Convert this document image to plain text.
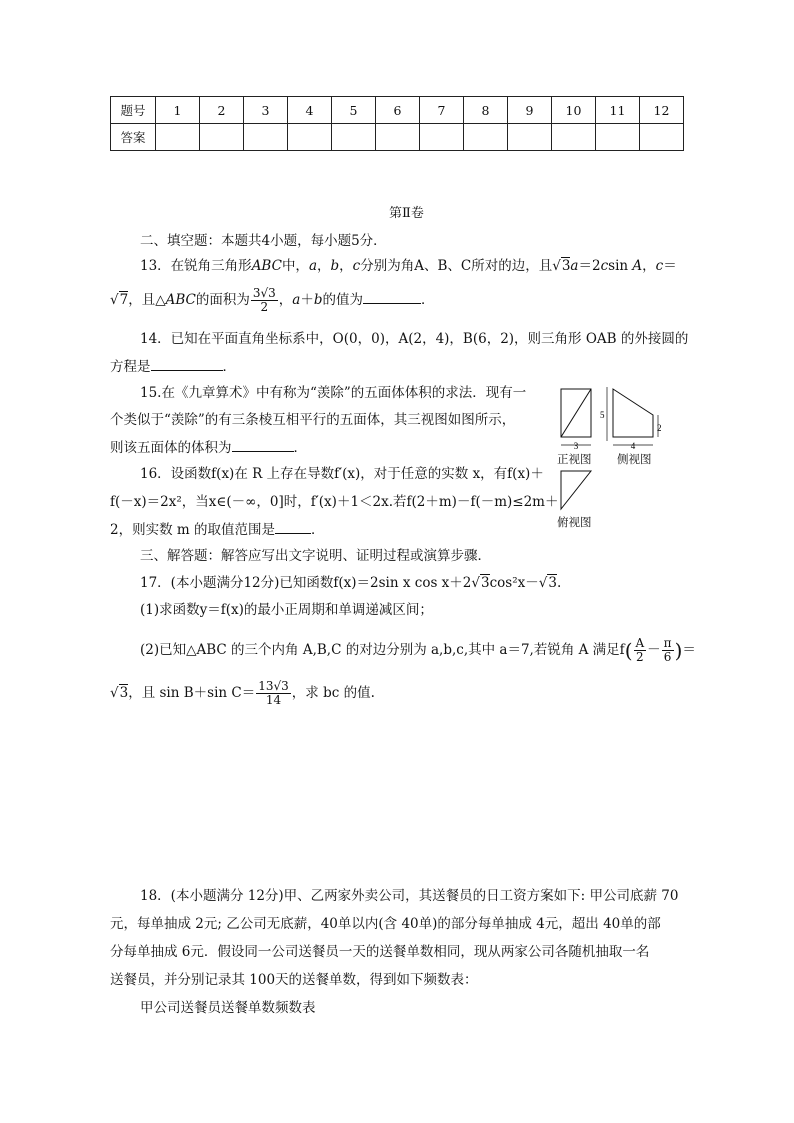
题号	1	2	3	4	5	6	7	8	9	10	11	12
答案												
第Ⅱ卷
二、填空题：本题共4小题，每小题5分．
13．在锐角三角形ABC中，a，b，c分别为角A、B、C所对的边，且√3a＝2csin A，c＝
√7，且△ABC的面积为 $\frac{3√3}{2}$ ，a＋b的值为	．
14．已知在平面直角坐标系中，O(0，0)，A(2，4)，B(6，2)，则三角形 OAB 的外接圆的
方程是	．
15.在《九章算术》中有称为“羡除”的五面体体积的求法．现有一
个类似于“羡除”的有三条棱互相平行的五面体，其三视图如图所示，
则该五面体的体积为	．	3
5
2
4
正视图 侧视图
俯视图
16．设函数f(x)在 R 上存在导数f′(x)，对于任意的实数 x，有f(x)＋
f(－x)＝2x²，当x∈(－∞，0]时，f′(x)＋1＜2x.若f(2＋m)－f(－m)≤2m＋
2，则实数 m 的取值范围是	．
三、解答题：解答应写出文字说明、证明过程或演算步骤．
17．(本小题满分12分)已知函数f(x)＝2sin x cos x＋2√3cos²x－√3.
(1)求函数y＝f(x)的最小正周期和单调递减区间；
(2)已知△ABC 的三个内角 A,B,C 的对边分别为 a,b,c,其中 a＝7,若锐角 A 满足$f( \frac{A}{2} - \frac{\pi}{6}$ )＝
√3，且 sin B＋sin $C= \frac{13√3}{14}$ ，求 bc 的值.
18．(本小题满分 12分)甲、乙两家外卖公司，其送餐员的日工资方案如下: 甲公司底薪 70
元，每单抽成 2元; 乙公司无底薪，40单以内(含 40单)的部分每单抽成 4元，超出 40单的部
分每单抽成 6元．假设同一公司送餐员一天的送餐单数相同，现从两家公司各随机抽取一名
送餐员，并分别记录其 100天的送餐单数，得到如下频数表：
甲公司送餐员送餐单数频数表
